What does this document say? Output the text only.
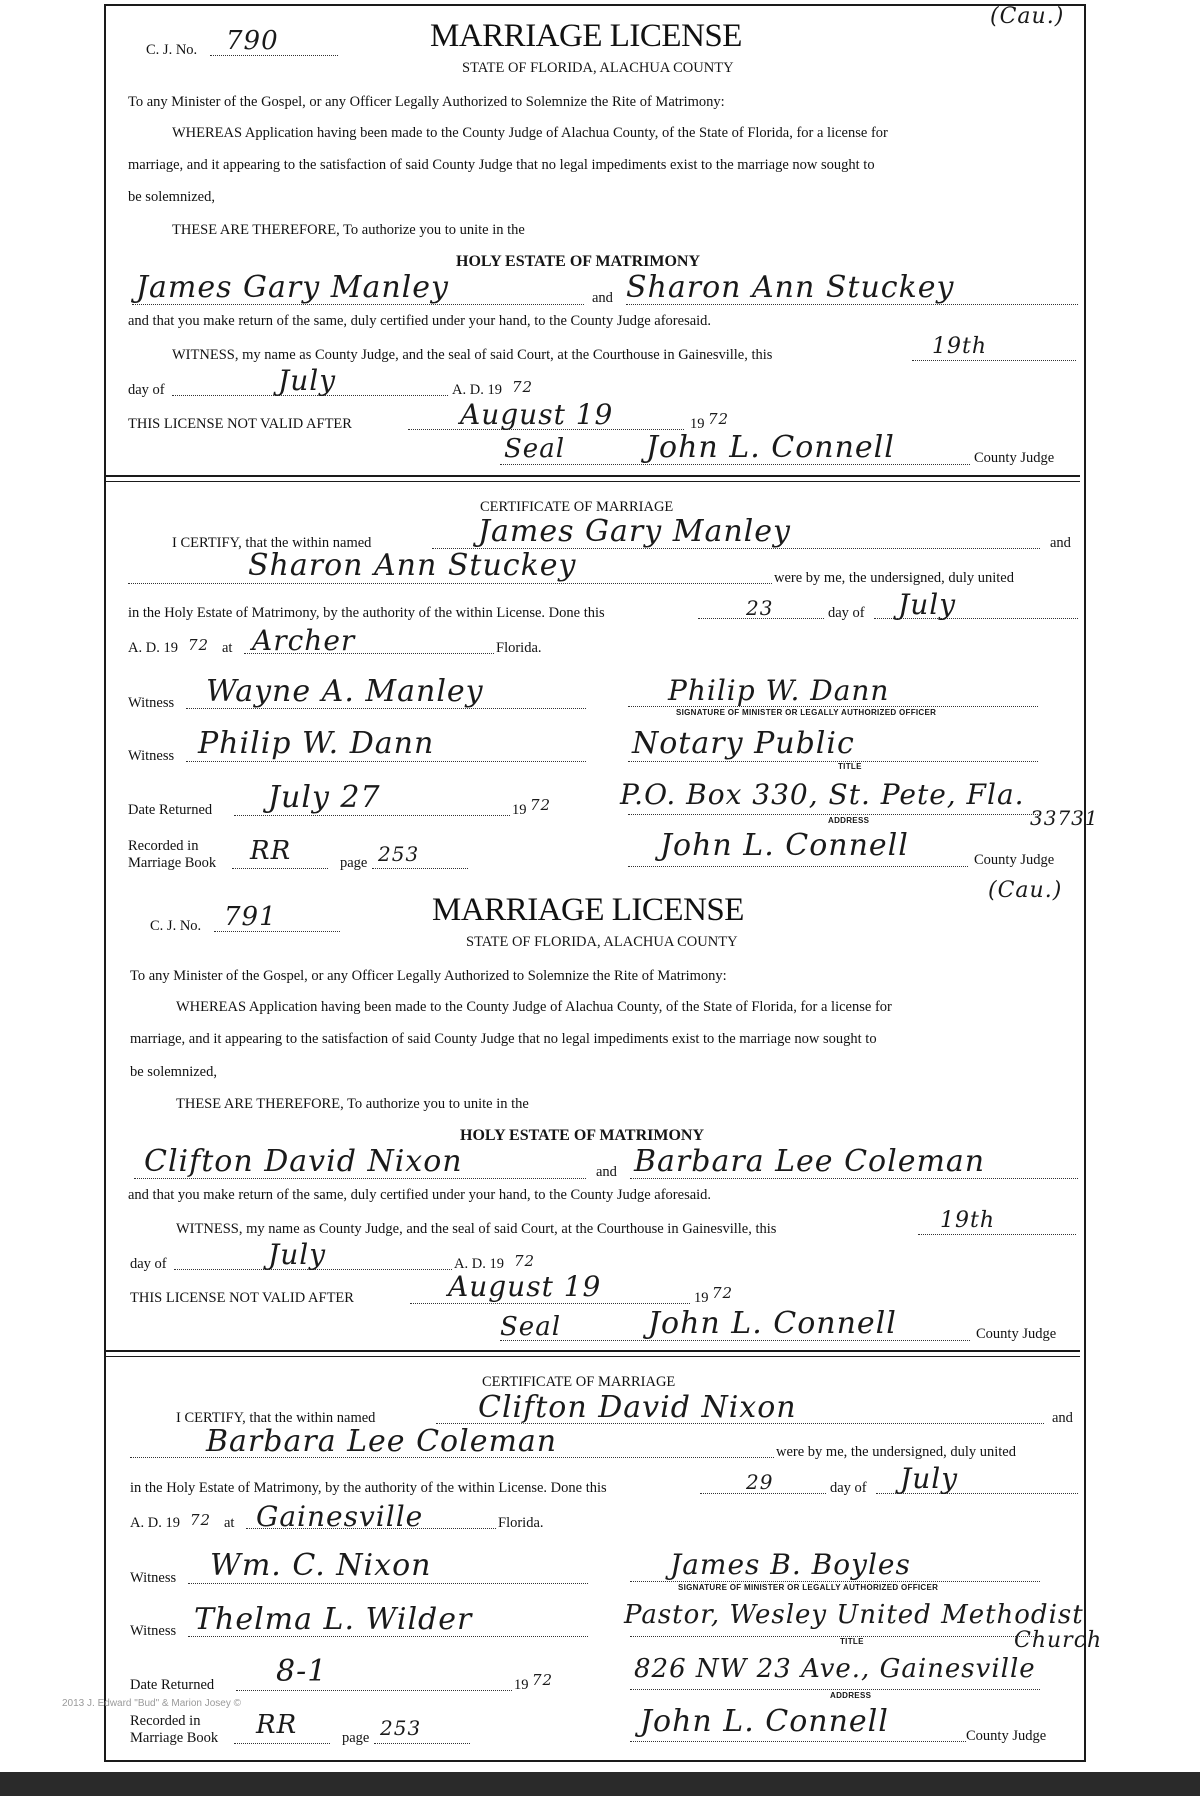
C. J. No. 790	MARRIAGE LICENSE
(Cau.)
STATE OF FLORIDA, ALACHUA COUNTY
To any Minister of the Gospel, or any Officer Legally Authorized to Solemnize the Rite of Matrimony:
WHEREAS Application having been made to the County Judge of Alachua County, of the State of Florida, for a license for
marriage, and it appearing to the satisfaction of said County Judge that no legal impediments exist to the marriage now sought to
be solemnized,
THESE ARE THEREFORE, To authorize you to unite in the
HOLY ESTATE OF MATRIMONY
James Gary Manley	and Sharon Ann Stuckey
and that you make return of the same, duly certified under your hand, to the County Judge aforesaid.
WITNESS, my name as County Judge, and the seal of said Court, at the Courthouse in Gainesville, this	19th
day of	July	A. D. 19 72
THIS LICENSE NOT VALID AFTER	August 19	19 72
Seal	John L. Connell	County Judge
CERTIFICATE OF MARRIAGE
I CERTIFY, that the within named	James Gary Manley	and
Sharon Ann Stuckey	were by me, the undersigned, duly united
in the Holy Estate of Matrimony, by the authority of the within License. Done this	23	day of July
A. D. 19 72 at Archer	Florida.
Witness Wayne A. Manley	Philip W. Dann
SIGNATURE OF MINISTER OR LEGALLY AUTHORIZED OFFICER
Witness Philip W. Dann	Notary Public
TITLE
Date Returned July 27	19 72 P.O. Box 330, St. Pete, Fla.
33731
ADDRESS
Recorded in
Marriage Book RR	page 253	John L. Connell	County Judge
C. J. No. 791	MARRIAGE LICENSE
(Cau.)
STATE OF FLORIDA, ALACHUA COUNTY
To any Minister of the Gospel, or any Officer Legally Authorized to Solemnize the Rite of Matrimony:
WHEREAS Application having been made to the County Judge of Alachua County, of the State of Florida, for a license for
marriage, and it appearing to the satisfaction of said County Judge that no legal impediments exist to the marriage now sought to
be solemnized,
THESE ARE THEREFORE, To authorize you to unite in the
HOLY ESTATE OF MATRIMONY
Clifton David Nixon	and Barbara Lee Coleman
and that you make return of the same, duly certified under your hand, to the County Judge aforesaid.
WITNESS, my name as County Judge, and the seal of said Court, at the Courthouse in Gainesville, this	19th
day of	July	A. D. 19 72
THIS LICENSE NOT VALID AFTER	August 19	19 72
Seal	John L. Connell	County Judge
CERTIFICATE OF MARRIAGE
I CERTIFY, that the within named	Clifton David Nixon	and
Barbara Lee Coleman	were by me, the undersigned, duly united
in the Holy Estate of Matrimony, by the authority of the within License. Done this	29	day of July
A. D. 19 72 at Gainesville	Florida.
Witness Wm. C. Nixon	James B. Boyles
SIGNATURE OF MINISTER OR LEGALLY AUTHORIZED OFFICER
Witness Thelma L. Wilder	Pastor, Wesley United Methodist
Church
TITLE
Date Returned 8-1	19 72	826 NW 23 Ave., Gainesville
ADDRESS
2013 J. Edward "Bud" & Marion Josey ©
Recorded in
Marriage Book RR	page 253	John L. Connell	County Judge
